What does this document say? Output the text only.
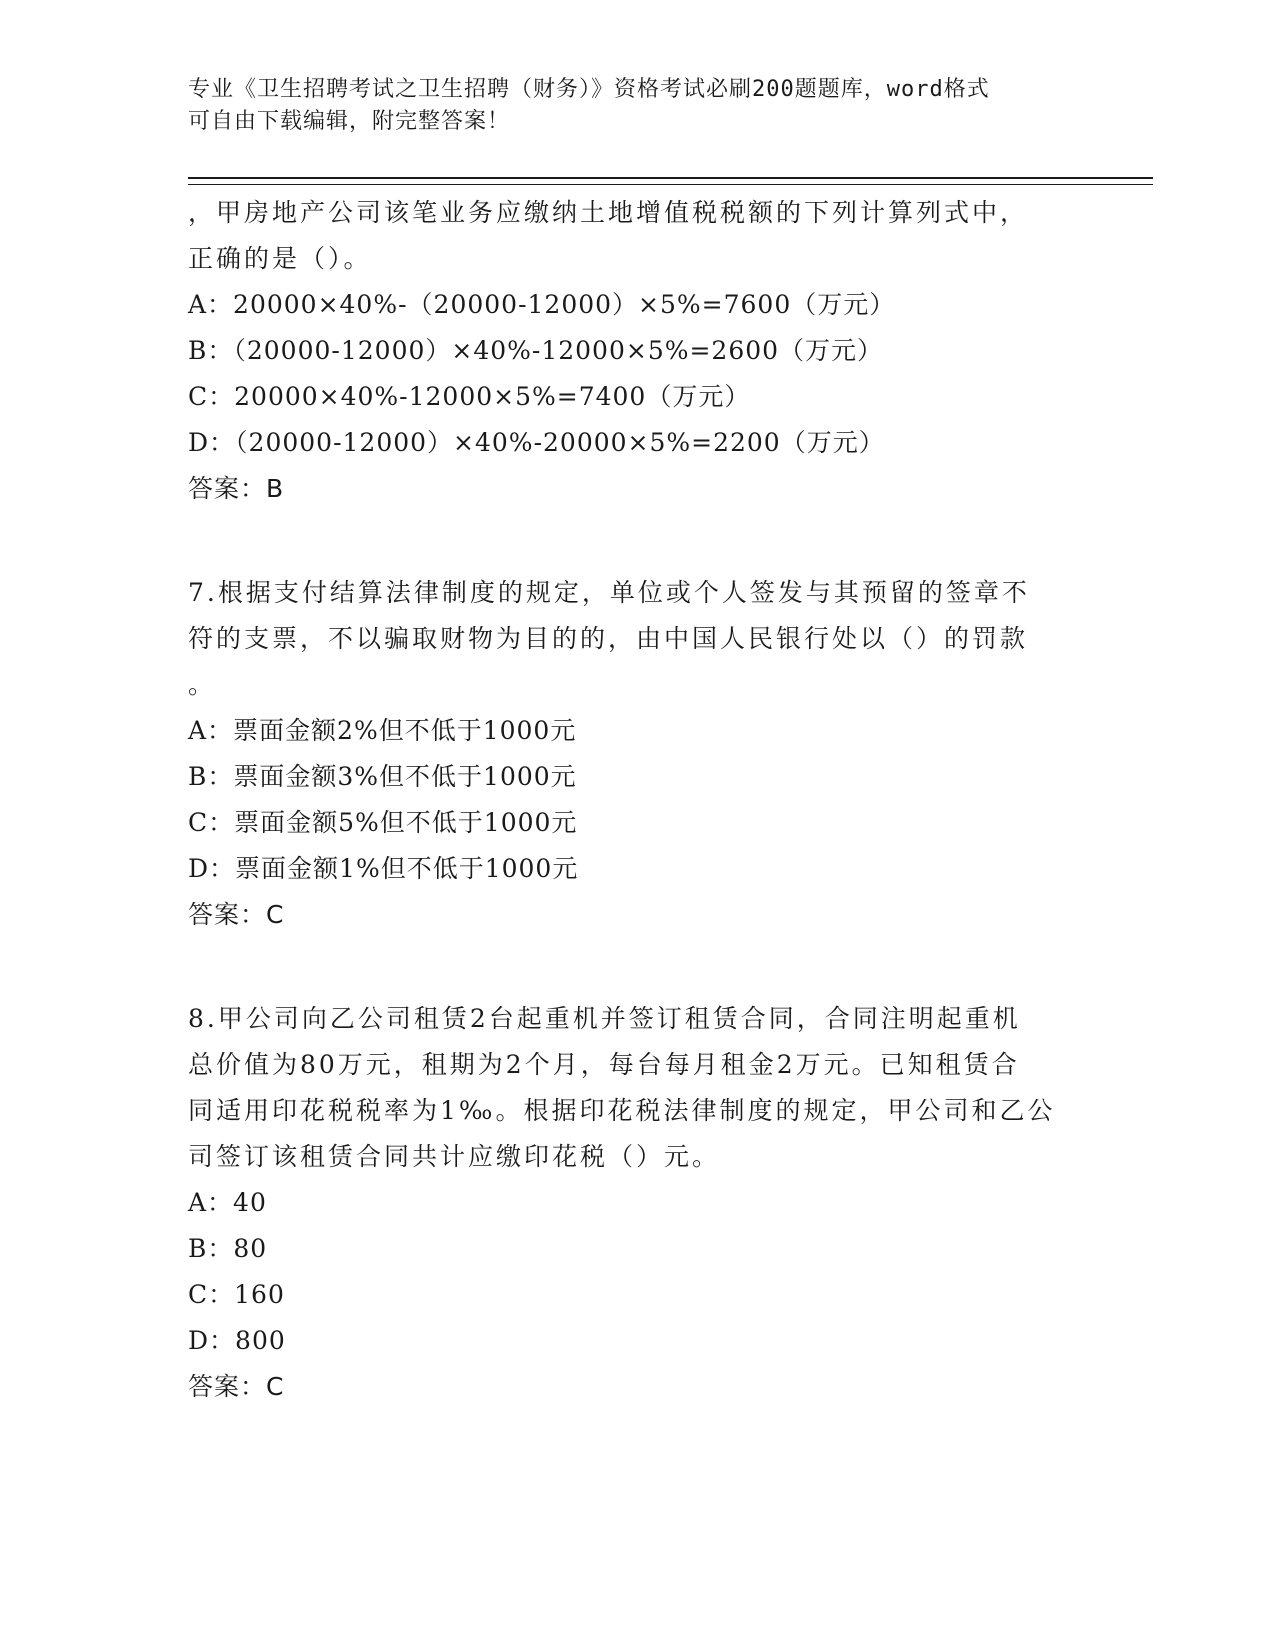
专业《卫生招聘考试之卫生招聘（财务）》资格考试必刷200题题库，word格式
可自由下载编辑，附完整答案！
，甲房地产公司该笔业务应缴纳土地增值税税额的下列计算列式中，
正确的是（）。
A：20000×40%-（20000-12000）×5%=7600（万元）
B：（20000-12000）×40%-12000×5%=2600（万元）
C：20000×40%-12000×5%=7400（万元）
D：（20000-12000）×40%-20000×5%=2200（万元）
答案：B
7.根据支付结算法律制度的规定，单位或个人签发与其预留的签章不
符的支票，不以骗取财物为目的的，由中国人民银行处以（）的罚款
。
A：票面金额2%但不低于1000元
B：票面金额3%但不低于1000元
C：票面金额5%但不低于1000元
D：票面金额1%但不低于1000元
答案：C
8.甲公司向乙公司租赁2台起重机并签订租赁合同，合同注明起重机
总价值为80万元，租期为2个月，每台每月租金2万元。已知租赁合
同适用印花税税率为1‰。根据印花税法律制度的规定，甲公司和乙公
司签订该租赁合同共计应缴印花税（）元。
A：40
B：80
C：160
D：800
答案：C
